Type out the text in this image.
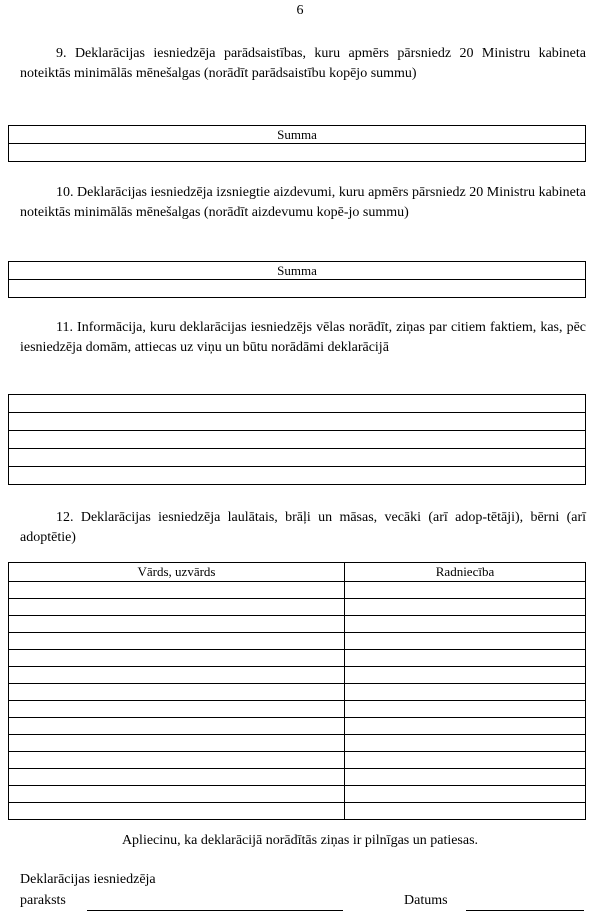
6
9. Deklarācijas iesniedzēja parādsaistības, kuru apmērs pārsniedz 20 Ministru kabineta noteiktās minimālās mēnešalgas (norādīt parādsaistību kopējo summu)
Summa

10. Deklarācijas iesniedzēja izsniegtie aizdevumi, kuru apmērs pārsniedz 20 Ministru kabineta noteiktās minimālās mēnešalgas (norādīt aizdevumu kopē-jo summu)
Summa

11. Informācija, kuru deklarācijas iesniedzējs vēlas norādīt, ziņas par citiem faktiem, kas, pēc iesniedzēja domām, attiecas uz viņu un būtu norādāmi deklarācijā

12. Deklarācijas iesniedzēja laulātais, brāļi un māsas, vecāki (arī adop-tētāji), bērni (arī adoptētie)
Vārds, uzvārds	Radniecība

Apliecinu, ka deklarācijā norādītās ziņas ir pilnīgas un patiesas.
Deklarācijas iesniedzēja
paraksts	Datums
